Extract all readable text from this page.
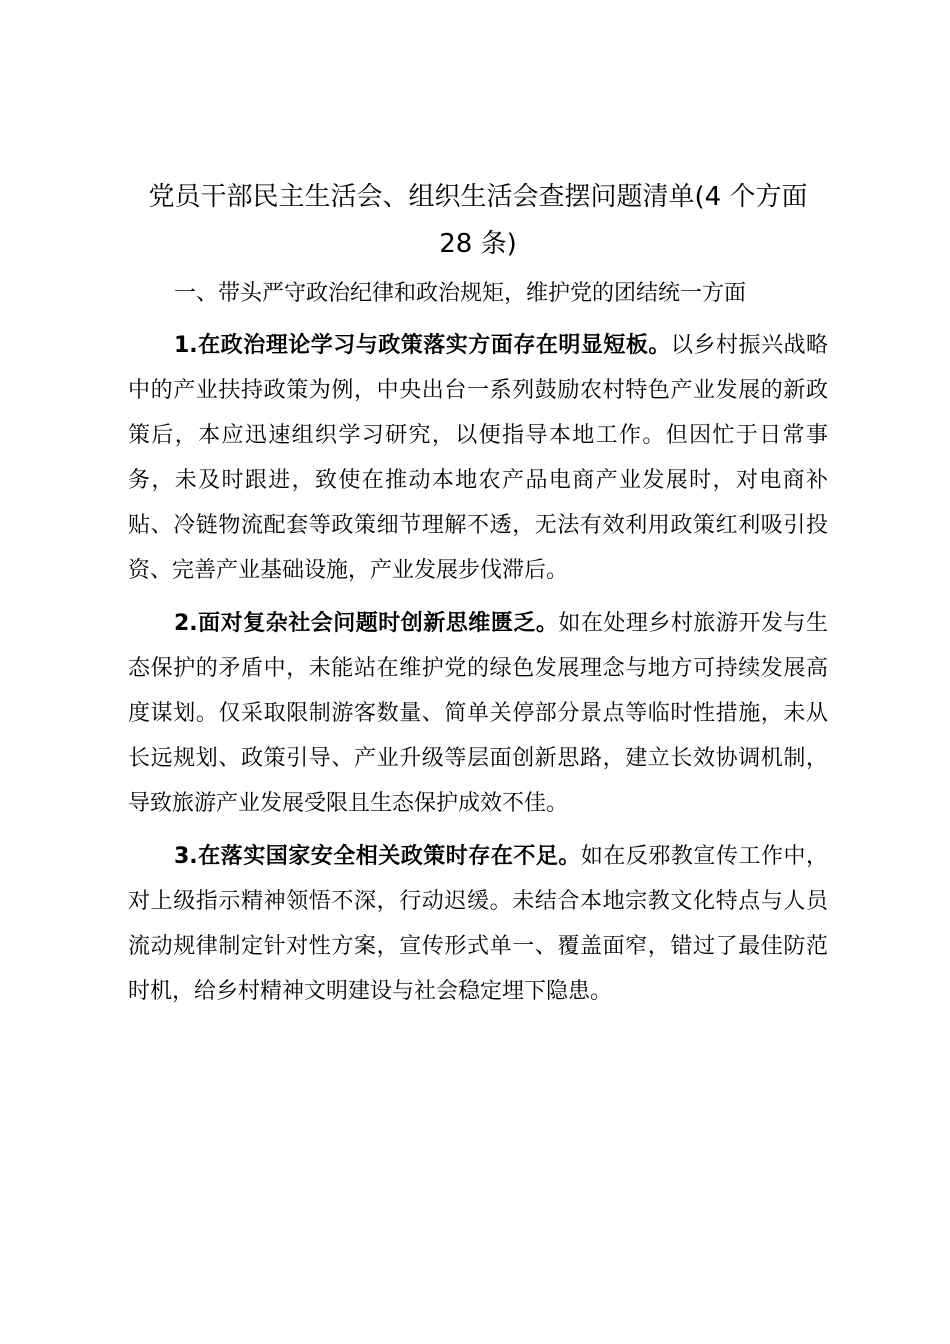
党员干部民主生活会、组织生活会查摆问题清单(4 个方面 28 条)

一、带头严守政治纪律和政治规矩，维护党的团结统一方面

1.在政治理论学习与政策落实方面存在明显短板。以乡村振兴战略中的产业扶持政策为例，中央出台一系列鼓励农村特色产业发展的新政策后，本应迅速组织学习研究，以便指导本地工作。但因忙于日常事务，未及时跟进，致使在推动本地农产品电商产业发展时，对电商补贴、冷链物流配套等政策细节理解不透，无法有效利用政策红利吸引投资、完善产业基础设施，产业发展步伐滞后。

2.面对复杂社会问题时创新思维匮乏。如在处理乡村旅游开发与生态保护的矛盾中，未能站在维护党的绿色发展理念与地方可持续发展高度谋划。仅采取限制游客数量、简单关停部分景点等临时性措施，未从长远规划、政策引导、产业升级等层面创新思路，建立长效协调机制，导致旅游产业发展受限且生态保护成效不佳。

3.在落实国家安全相关政策时存在不足。如在反邪教宣传工作中，对上级指示精神领悟不深，行动迟缓。未结合本地宗教文化特点与人员流动规律制定针对性方案，宣传形式单一、覆盖面窄，错过了最佳防范时机，给乡村精神文明建设与社会稳定埋下隐患。
